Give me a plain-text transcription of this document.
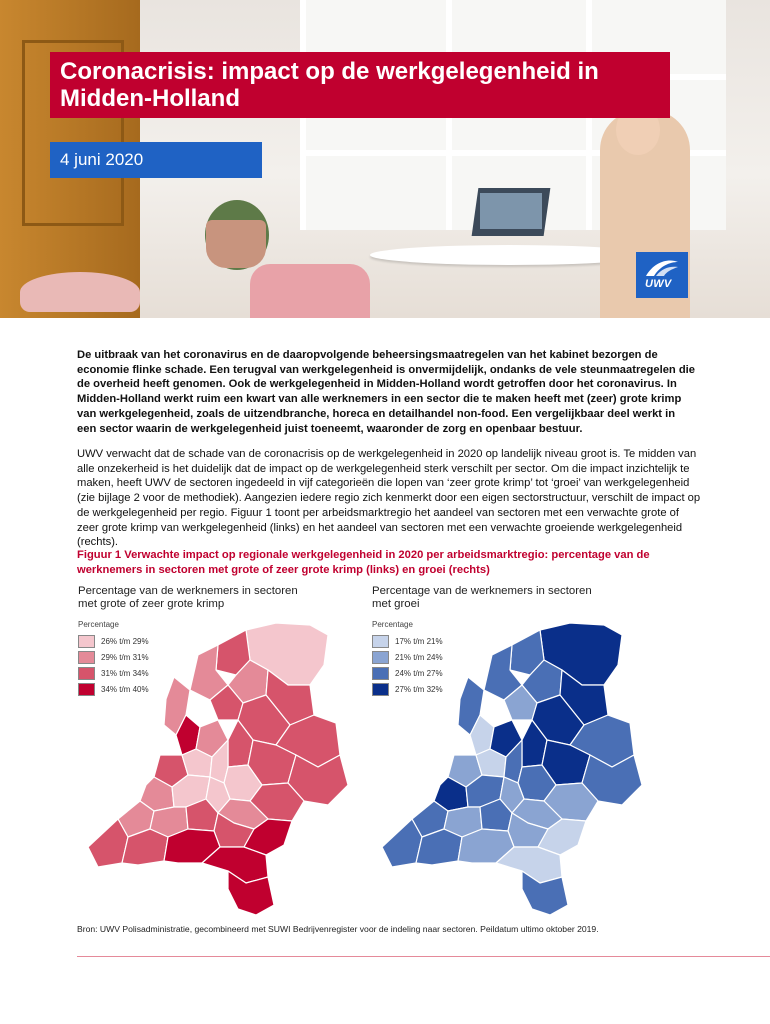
Coronacrisis: impact op de werkgelegenheid in Midden-Holland
4 juni 2020
UWV

De uitbraak van het coronavirus en de daaropvolgende beheersingsmaatregelen van het kabinet bezorgen de economie flinke schade. Een terugval van werkgelegenheid is onvermijdelijk, ondanks de vele steunmaatregelen die de overheid heeft genomen. Ook de werkgelegenheid in Midden-Holland wordt getroffen door het coronavirus. In Midden-Holland werkt ruim een kwart van alle werknemers in een sector die te maken heeft met (zeer) grote krimp van werkgelegenheid, zoals de uitzendbranche, horeca en detailhandel non-food. Een vergelijkbaar deel werkt in een sector waarin de werkgelegenheid juist toeneemt, waaronder de zorg en openbaar bestuur.

UWV verwacht dat de schade van de coronacrisis op de werkgelegenheid in 2020 op landelijk niveau groot is. Te midden van alle onzekerheid is het duidelijk dat de impact op de werkgelegenheid sterk verschilt per sector. Om die impact inzichtelijk te maken, heeft UWV de sectoren ingedeeld in vijf categorieën die lopen van ‘zeer grote krimp’ tot ‘groei’ van werkgelegenheid (zie bijlage 2 voor de methodiek). Aangezien iedere regio zich kenmerkt door een eigen sectorstructuur, verschilt de impact op de werkgelegenheid per regio. Figuur 1 toont per arbeidsmarktregio het aandeel van sectoren met een verwachte grote of zeer grote krimp van werkgelegenheid (links) en het aandeel van sectoren met een verwachte groeiende werkgelegenheid (rechts).

Figuur 1 Verwachte impact op regionale werkgelegenheid in 2020 per arbeidsmarktregio: percentage van de werknemers in sectoren met grote of zeer grote krimp (links) en groei (rechts)

Percentage van de werknemers in sectoren met grote of zeer grote krimp
Percentage
26% t/m 29%
29% t/m 31%
31% t/m 34%
34% t/m 40%
Percentage van de werknemers in sectoren met groei
Percentage
17% t/m 21%
21% t/m 24%
24% t/m 27%
27% t/m 32%
Bron: UWV Polisadministratie, gecombineerd met SUWI Bedrijvenregister voor de indeling naar sectoren. Peildatum ultimo oktober 2019.
